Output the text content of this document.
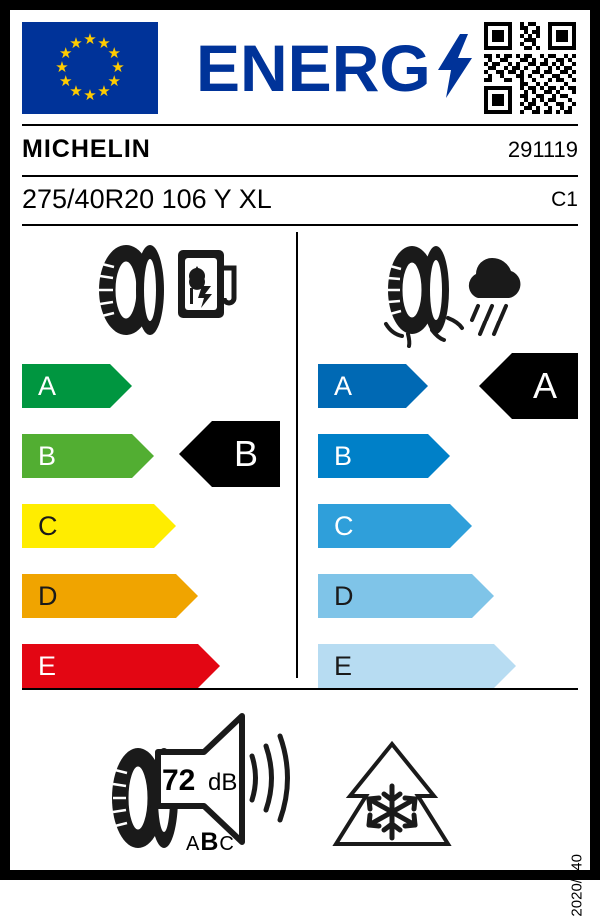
★ ★
★
★
★
★
★
★
★
★
★
★ ENERG
MICHELIN	291119
275/40R20 106 Y XL	C1
A
B
C
D
E
B
A
B
C
D
E
A
72 dB
ABC
2020/740
